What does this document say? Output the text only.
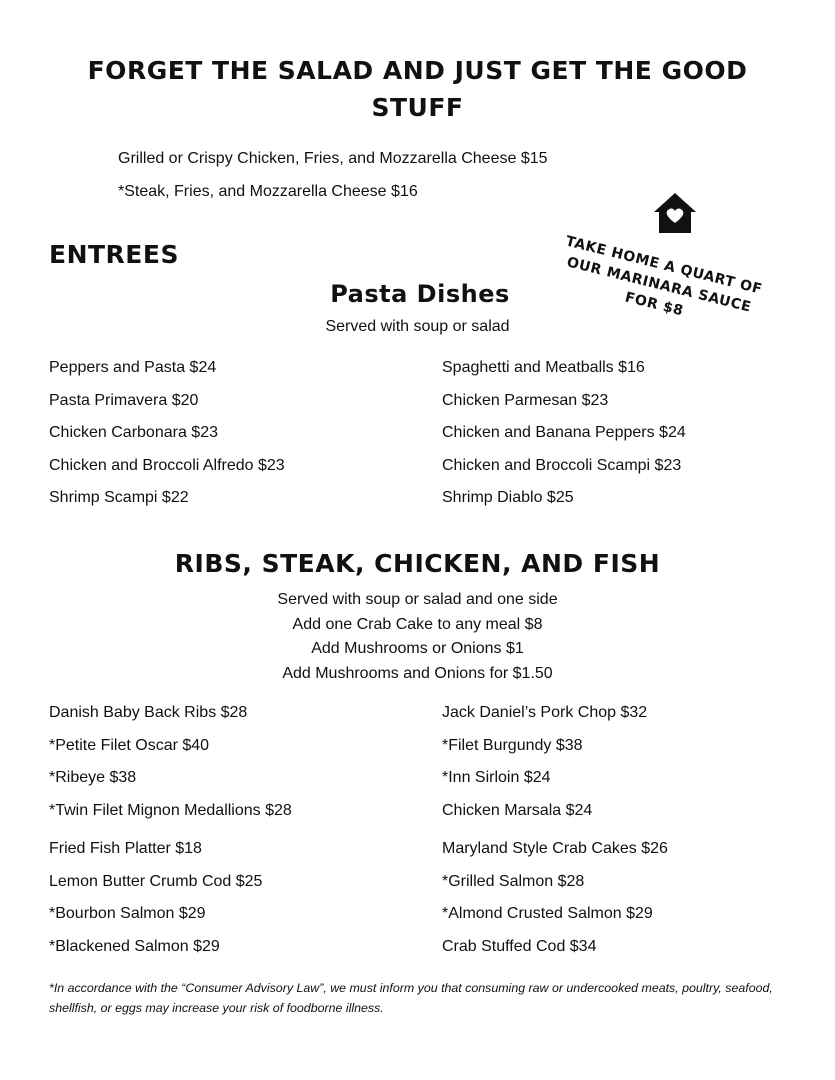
FORGET THE SALAD AND JUST GET THE GOOD STUFF
Grilled or Crispy Chicken, Fries, and Mozzarella Cheese $15
*Steak, Fries, and Mozzarella Cheese $16
TAKE HOME A QUART OF OUR MARINARA SAUCE FOR $8
ENTREES
Pasta Dishes
Served with soup or salad
Peppers and Pasta $24
Pasta Primavera $20
Chicken Carbonara $23
Chicken and Broccoli Alfredo $23
Shrimp Scampi $22
Spaghetti and Meatballs $16
Chicken Parmesan $23
Chicken and Banana Peppers $24
Chicken and Broccoli Scampi $23
Shrimp Diablo $25
RIBS, STEAK, CHICKEN, AND FISH
Served with soup or salad and one side
Add one Crab Cake to any meal $8
Add Mushrooms or Onions $1
Add Mushrooms and Onions for $1.50
Danish Baby Back Ribs $28
*Petite Filet Oscar $40
*Ribeye $38
*Twin Filet Mignon Medallions $28
Jack Daniel’s Pork Chop $32
*Filet Burgundy $38
*Inn Sirloin $24
Chicken Marsala $24
Fried Fish Platter $18
Lemon Butter Crumb Cod $25
*Bourbon Salmon $29
*Blackened Salmon $29
Maryland Style Crab Cakes $26
*Grilled Salmon $28
*Almond Crusted Salmon $29
Crab Stuffed Cod $34
*In accordance with the “Consumer Advisory Law”, we must inform you that consuming raw or undercooked meats, poultry, seafood, shellfish, or eggs may increase your risk of foodborne illness.
